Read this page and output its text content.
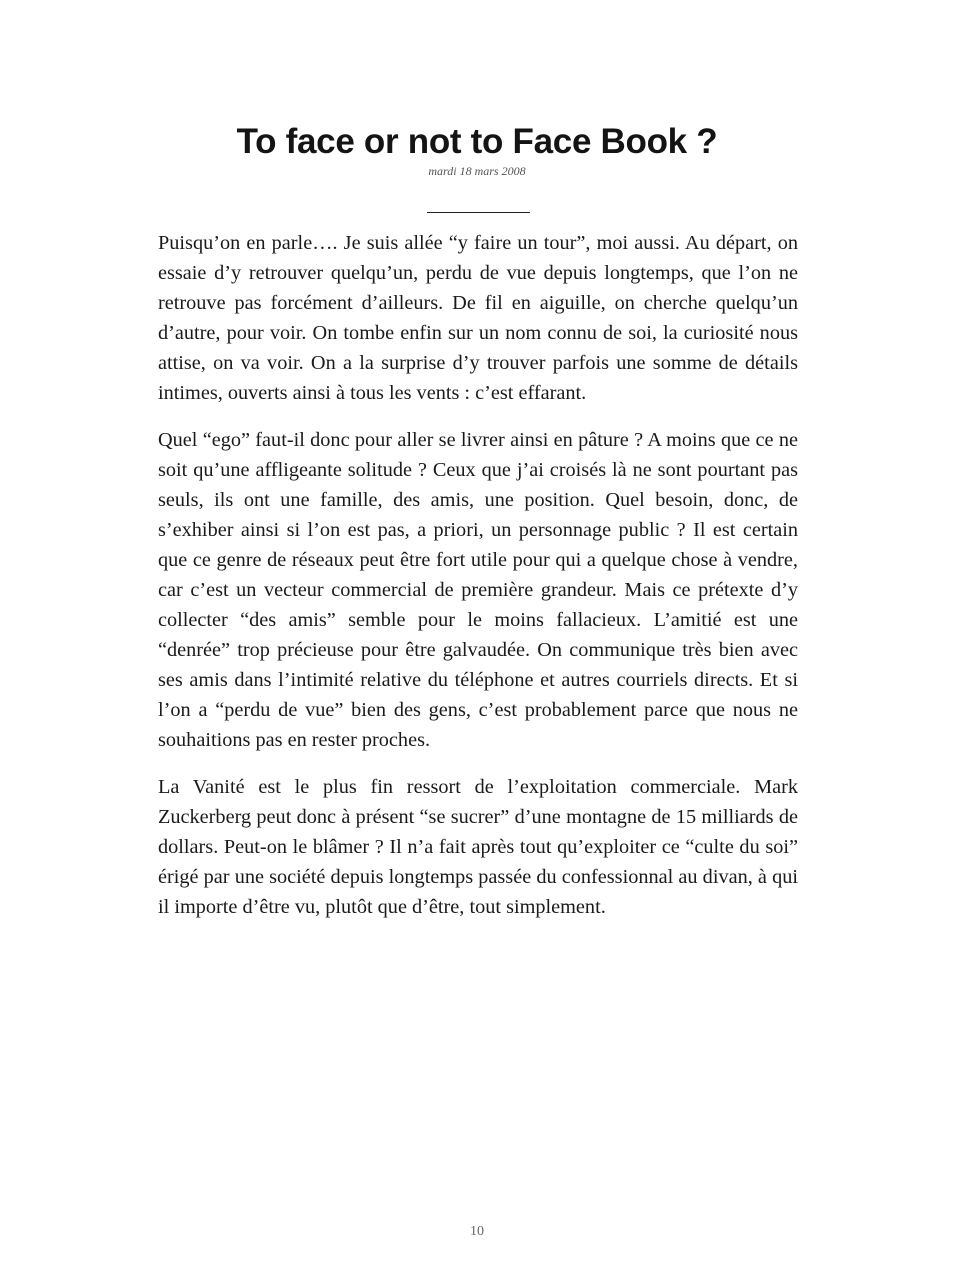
To face or not to Face Book ?
mardi 18 mars 2008

Puisqu’on en parle…. Je suis allée “y faire un tour”, moi aussi. Au départ, on essaie d’y retrouver quelqu’un, perdu de vue depuis longtemps, que l’on ne retrouve pas forcément d’ailleurs. De fil en aiguille, on cherche quelqu’un d’autre, pour voir. On tombe enfin sur un nom connu de soi, la curiosité nous attise, on va voir. On a la surprise d’y trouver parfois une somme de détails intimes, ouverts ainsi à tous les vents : c’est effarant.

Quel “ego” faut-il donc pour aller se livrer ainsi en pâture ? A moins que ce ne soit qu’une affligeante solitude ? Ceux que j’ai croisés là ne sont pourtant pas seuls, ils ont une famille, des amis, une position. Quel besoin, donc, de s’exhiber ainsi si l’on est pas, a priori, un personnage public ? Il est certain que ce genre de réseaux peut être fort utile pour qui a quelque chose à vendre, car c’est un vecteur commercial de première grandeur. Mais ce prétexte d’y collecter “des amis” semble pour le moins fallacieux. L’amitié est une “denrée” trop précieuse pour être galvaudée. On communique très bien avec ses amis dans l’intimité relative du téléphone et autres courriels directs. Et si l’on a “perdu de vue” bien des gens, c’est probablement parce que nous ne souhaitions pas en rester proches.

La Vanité est le plus fin ressort de l’exploitation commerciale. Mark Zuckerberg peut donc à présent “se sucrer” d’une montagne de 15 milliards de dollars. Peut-on le blâmer ? Il n’a fait après tout qu’exploiter ce “culte du soi” érigé par une société depuis longtemps passée du confessionnal au divan, à qui il importe d’être vu, plutôt que d’être, tout simplement.

10
